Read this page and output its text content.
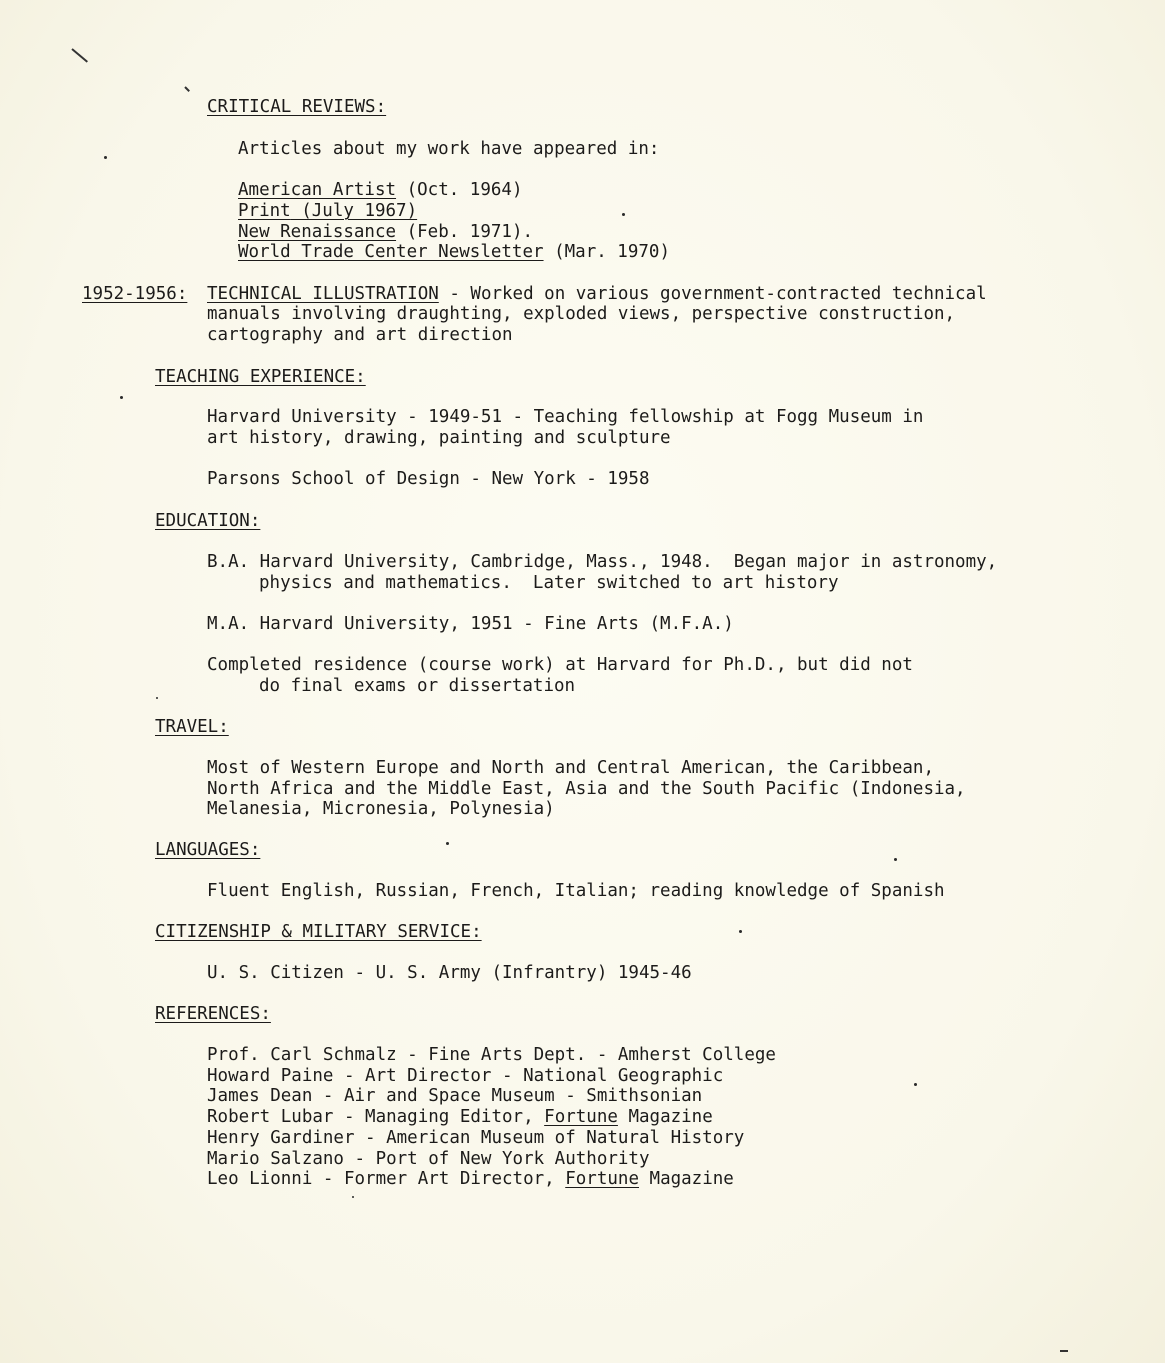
CRITICAL REVIEWS:
Articles about my work have appeared in:
American Artist (Oct. 1964)
Print (July 1967)
New Renaissance (Feb. 1971).
World Trade Center Newsletter (Mar. 1970)
1952-1956: TECHNICAL ILLUSTRATION - Worked on various government-contracted technical
manuals involving draughting, exploded views, perspective construction,
cartography and art direction
TEACHING EXPERIENCE:
Harvard University - 1949-51 - Teaching fellowship at Fogg Museum in
art history, drawing, painting and sculpture
Parsons School of Design - New York - 1958
EDUCATION:
B.A. Harvard University, Cambridge, Mass., 1948.  Began major in astronomy,
physics and mathematics.  Later switched to art history
M.A. Harvard University, 1951 - Fine Arts (M.F.A.)
Completed residence (course work) at Harvard for Ph.D., but did not
do final exams or dissertation
TRAVEL:
Most of Western Europe and North and Central American, the Caribbean,
North Africa and the Middle East, Asia and the South Pacific (Indonesia,
Melanesia, Micronesia, Polynesia)
LANGUAGES:
Fluent English, Russian, French, Italian; reading knowledge of Spanish
CITIZENSHIP & MILITARY SERVICE:
U. S. Citizen - U. S. Army (Infrantry) 1945-46
REFERENCES:
Prof. Carl Schmalz - Fine Arts Dept. - Amherst College
Howard Paine - Art Director - National Geographic
James Dean - Air and Space Museum - Smithsonian
Robert Lubar - Managing Editor, Fortune Magazine
Henry Gardiner - American Museum of Natural History
Mario Salzano - Port of New York Authority
Leo Lionni - Former Art Director, Fortune Magazine
